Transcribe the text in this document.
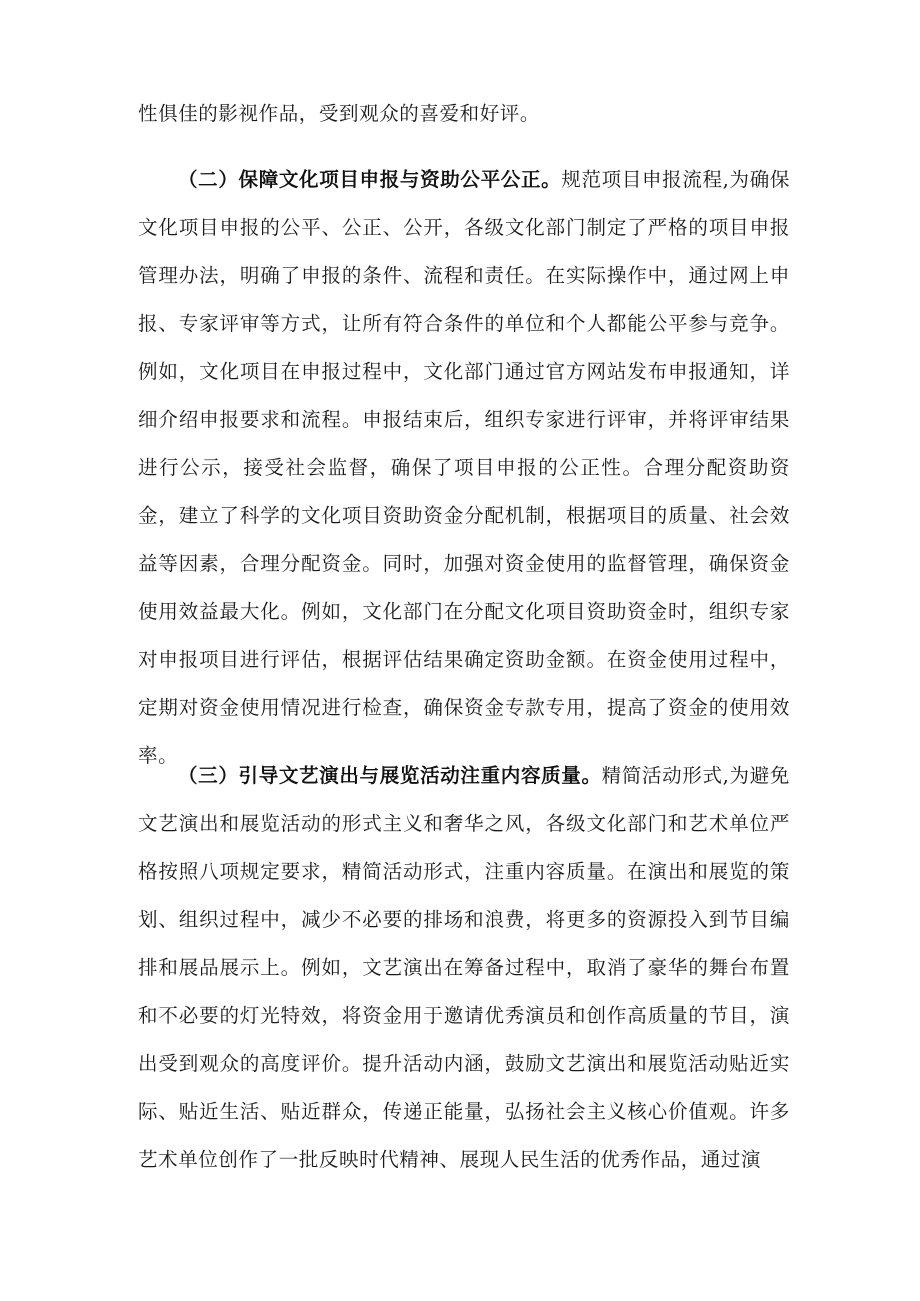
性俱佳的影视作品，受到观众的喜爱和好评。

（二）保障文化项目申报与资助公平公正。规范项目申报流程,为确保文化项目申报的公平、公正、公开，各级文化部门制定了严格的项目申报管理办法，明确了申报的条件、流程和责任。在实际操作中，通过网上申报、专家评审等方式，让所有符合条件的单位和个人都能公平参与竞争。例如，文化项目在申报过程中，文化部门通过官方网站发布申报通知，详细介绍申报要求和流程。申报结束后，组织专家进行评审，并将评审结果进行公示，接受社会监督，确保了项目申报的公正性。合理分配资助资金，建立了科学的文化项目资助资金分配机制，根据项目的质量、社会效益等因素，合理分配资金。同时，加强对资金使用的监督管理，确保资金使用效益最大化。例如，文化部门在分配文化项目资助资金时，组织专家对申报项目进行评估，根据评估结果确定资助金额。在资金使用过程中，定期对资金使用情况进行检查，确保资金专款专用，提高了资金的使用效率。

（三）引导文艺演出与展览活动注重内容质量。精简活动形式,为避免文艺演出和展览活动的形式主义和奢华之风，各级文化部门和艺术单位严格按照八项规定要求，精简活动形式，注重内容质量。在演出和展览的策划、组织过程中，减少不必要的排场和浪费，将更多的资源投入到节目编排和展品展示上。例如，文艺演出在筹备过程中，取消了豪华的舞台布置和不必要的灯光特效，将资金用于邀请优秀演员和创作高质量的节目，演出受到观众的高度评价。提升活动内涵，鼓励文艺演出和展览活动贴近实际、贴近生活、贴近群众，传递正能量，弘扬社会主义核心价值观。许多艺术单位创作了一批反映时代精神、展现人民生活的优秀作品，通过演
